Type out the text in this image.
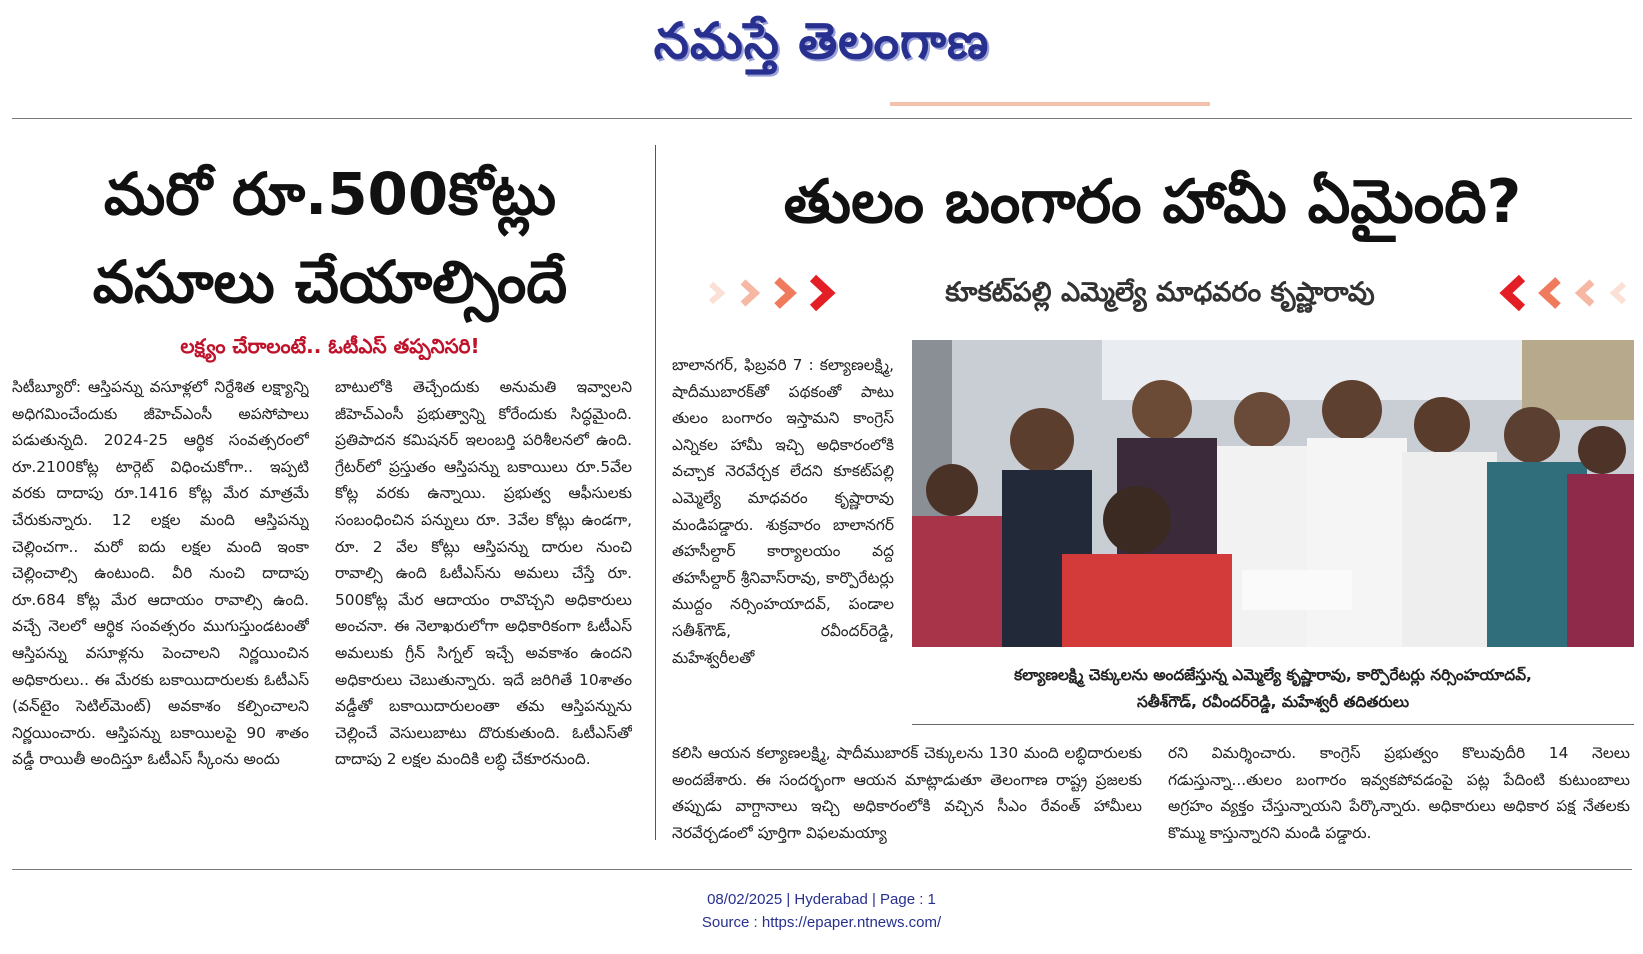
నమస్తే తెలంగాణ
మరో రూ.500కోట్లు
వసూలు చేయాల్సిందే
లక్ష్యం చేరాలంటే.. ఓటీఎస్ తప్పనిసరి!

సిటీబ్యూరో: ఆస్తిపన్ను వసూళ్లలో నిర్దేశిత లక్ష్యాన్ని అధిగమించేందుకు జీహెచ్ఎంసీ అపసోపాలు పడుతున్నది. 2024-25 ఆర్థిక సంవత్సరంలో రూ.2100కోట్ల టార్గెట్ విధించుకోగా.. ఇప్పటి వరకు దాదాపు రూ.1416 కోట్ల మేర మాత్రమే చేరుకున్నారు. 12 లక్షల మంది ఆస్తిపన్ను చెల్లించగా.. మరో ఐదు లక్షల మంది ఇంకా చెల్లించాల్సి ఉంటుంది. వీరి నుంచి దాదాపు రూ.684 కోట్ల మేర ఆదాయం రావాల్సి ఉంది. వచ్చే నెలలో ఆర్థిక సంవత్సరం ముగుస్తుండటంతో ఆస్తిపన్ను వసూళ్లను పెంచాలని నిర్ణయించిన అధికారులు.. ఈ మేరకు బకాయిదారులకు ఓటీఎస్ (వన్‌టైం సెటిల్‌మెంట్) అవకాశం కల్పించాలని నిర్ణయించారు. ఆస్తిపన్ను బకాయిలపై 90 శాతం వడ్డీ రాయితీ అందిస్తూ ఓటీఎస్ స్కీంను అందు

బాటులోకి తెచ్చేందుకు అనుమతి ఇవ్వాలని జీహెచ్ఎంసీ ప్రభుత్వాన్ని కోరేందుకు సిద్ధమైంది. ప్రతిపాదన కమిషనర్ ఇలంబర్తి పరిశీలనలో ఉంది. గ్రేటర్‌లో ప్రస్తుతం ఆస్తిపన్ను బకాయిలు రూ.5వేల కోట్ల వరకు ఉన్నాయి. ప్రభుత్వ ఆఫీసులకు సంబంధించిన పన్నులు రూ. 3వేల కోట్లు ఉండగా, రూ. 2 వేల కోట్లు ఆస్తిపన్ను దారుల నుంచి రావాల్సి ఉంది ఓటీఎస్‌ను అమలు చేస్తే రూ. 500కోట్ల మేర ఆదాయం రావొచ్చని అధికారులు అంచనా. ఈ నెలాఖరులోగా అధికారికంగా ఓటీఎస్ అమలుకు గ్రీన్ సిగ్నల్ ఇచ్చే అవకాశం ఉందని అధికారులు చెబుతున్నారు. ఇదే జరిగితే 10శాతం వడ్డీతో బకాయిదారులంతా తమ ఆస్తిపన్నును చెల్లించే వెసులుబాటు దొరుకుతుంది. ఓటీఎస్‌తో దాదాపు 2 లక్షల మందికి లబ్ధి చేకూరనుంది.

తులం బంగారం హామీ ఏమైంది?
కూకట్‌పల్లి ఎమ్మెల్యే మాధవరం కృష్ణారావు

బాలానగర్, ఫిబ్రవరి 7 : కల్యాణలక్ష్మి, షాదీముబారక్‌తో పథకంతో పాటు తులం బంగారం ఇస్తామని కాంగ్రెస్ ఎన్నికల హామీ ఇచ్చి అధికారంలోకి వచ్చాక నెరవేర్చక లేదని కూకట్‌పల్లి ఎమ్మెల్యే మాధవరం కృష్ణారావు మండిపడ్డారు. శుక్రవారం బాలానగర్ తహసీల్దార్ కార్యాలయం వద్ద తహసీల్దార్ శ్రీనివాస్‌రావు, కార్పొరేటర్లు ముద్దం నర్సింహయాదవ్, పండాల సతీశ్‌గౌడ్, రవీందర్‌రెడ్డి, మహేశ్వరీలతో

కల్యాణలక్ష్మి చెక్కులను అందజేస్తున్న ఎమ్మెల్యే కృష్ణారావు, కార్పొరేటర్లు నర్సింహయాదవ్,
సతీశ్‌గౌడ్, రవీందర్‌రెడ్డి, మహేశ్వరీ తదితరులు

కలిసి ఆయన కల్యాణలక్ష్మి, షాదీముబారక్ చెక్కులను 130 మంది లబ్ధిదారులకు అందజేశారు. ఈ సందర్భంగా ఆయన మాట్లాడుతూ తెలంగాణ రాష్ట్ర ప్రజలకు తప్పుడు వాగ్దానాలు ఇచ్చి అధికారంలోకి వచ్చిన సీఎం రేవంత్ హామీలు నెరవేర్చడంలో పూర్తిగా విఫలమయ్యా

రని విమర్శించారు. కాంగ్రెస్ ప్రభుత్వం కొలువుదీరి 14 నెలలు గడుస్తున్నా...తులం బంగారం ఇవ్వకపోవడంపై పట్ల పేదింటి కుటుంబాలు అగ్రహం వ్యక్తం చేస్తున్నాయని పేర్కొన్నారు. అధికారులు అధికార పక్ష నేతలకు కొమ్ము కాస్తున్నారని మండి పడ్డారు.

08/02/2025 | Hyderabad | Page : 1
Source : https://epaper.ntnews.com/
